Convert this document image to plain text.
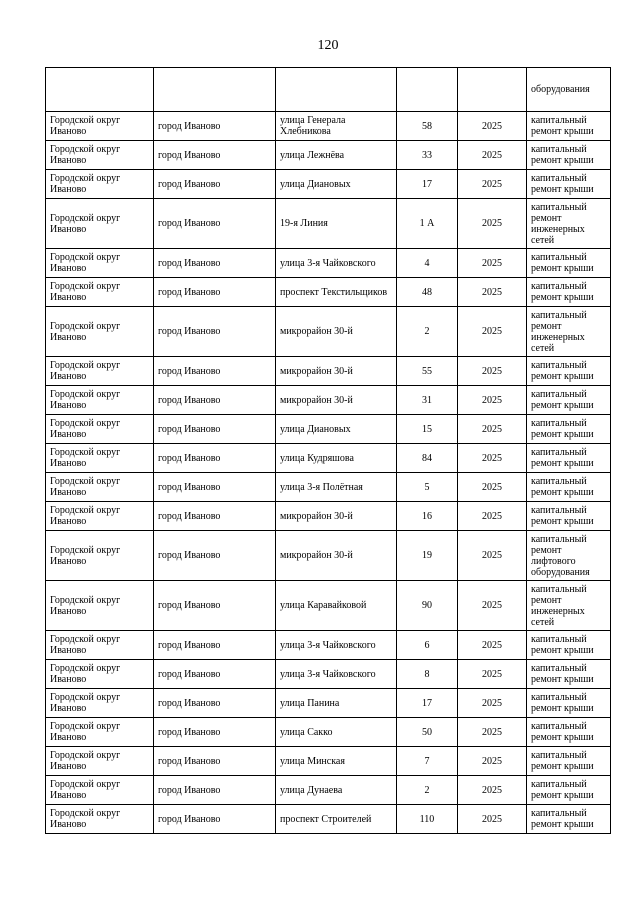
120
					оборудования
Городской округ Иваново	город Иваново	улица Генерала Хлебникова	58	2025	капитальный ремонт крыши
Городской округ Иваново	город Иваново	улица Лежнёва	33	2025	капитальный ремонт крыши
Городской округ Иваново	город Иваново	улица Диановых	17	2025	капитальный ремонт крыши
Городской округ Иваново	город Иваново	19-я Линия	1 А	2025	капитальный ремонт инженерных сетей
Городской округ Иваново	город Иваново	улица 3-я Чайковского	4	2025	капитальный ремонт крыши
Городской округ Иваново	город Иваново	проспект Текстильщиков	48	2025	капитальный ремонт крыши
Городской округ Иваново	город Иваново	микрорайон 30-й	2	2025	капитальный ремонт инженерных сетей
Городской округ Иваново	город Иваново	микрорайон 30-й	55	2025	капитальный ремонт крыши
Городской округ Иваново	город Иваново	микрорайон 30-й	31	2025	капитальный ремонт крыши
Городской округ Иваново	город Иваново	улица Диановых	15	2025	капитальный ремонт крыши
Городской округ Иваново	город Иваново	улица Кудряшова	84	2025	капитальный ремонт крыши
Городской округ Иваново	город Иваново	улица 3-я Полётная	5	2025	капитальный ремонт крыши
Городской округ Иваново	город Иваново	микрорайон 30-й	16	2025	капитальный ремонт крыши
Городской округ Иваново	город Иваново	микрорайон 30-й	19	2025	капитальный ремонт лифтового оборудования
Городской округ Иваново	город Иваново	улица Каравайковой	90	2025	капитальный ремонт инженерных сетей
Городской округ Иваново	город Иваново	улица 3-я Чайковского	6	2025	капитальный ремонт крыши
Городской округ Иваново	город Иваново	улица 3-я Чайковского	8	2025	капитальный ремонт крыши
Городской округ Иваново	город Иваново	улица Панина	17	2025	капитальный ремонт крыши
Городской округ Иваново	город Иваново	улица Сакко	50	2025	капитальный ремонт крыши
Городской округ Иваново	город Иваново	улица Минская	7	2025	капитальный ремонт крыши
Городской округ Иваново	город Иваново	улица Дунаева	2	2025	капитальный ремонт крыши
Городской округ Иваново	город Иваново	проспект Строителей	110	2025	капитальный ремонт крыши
